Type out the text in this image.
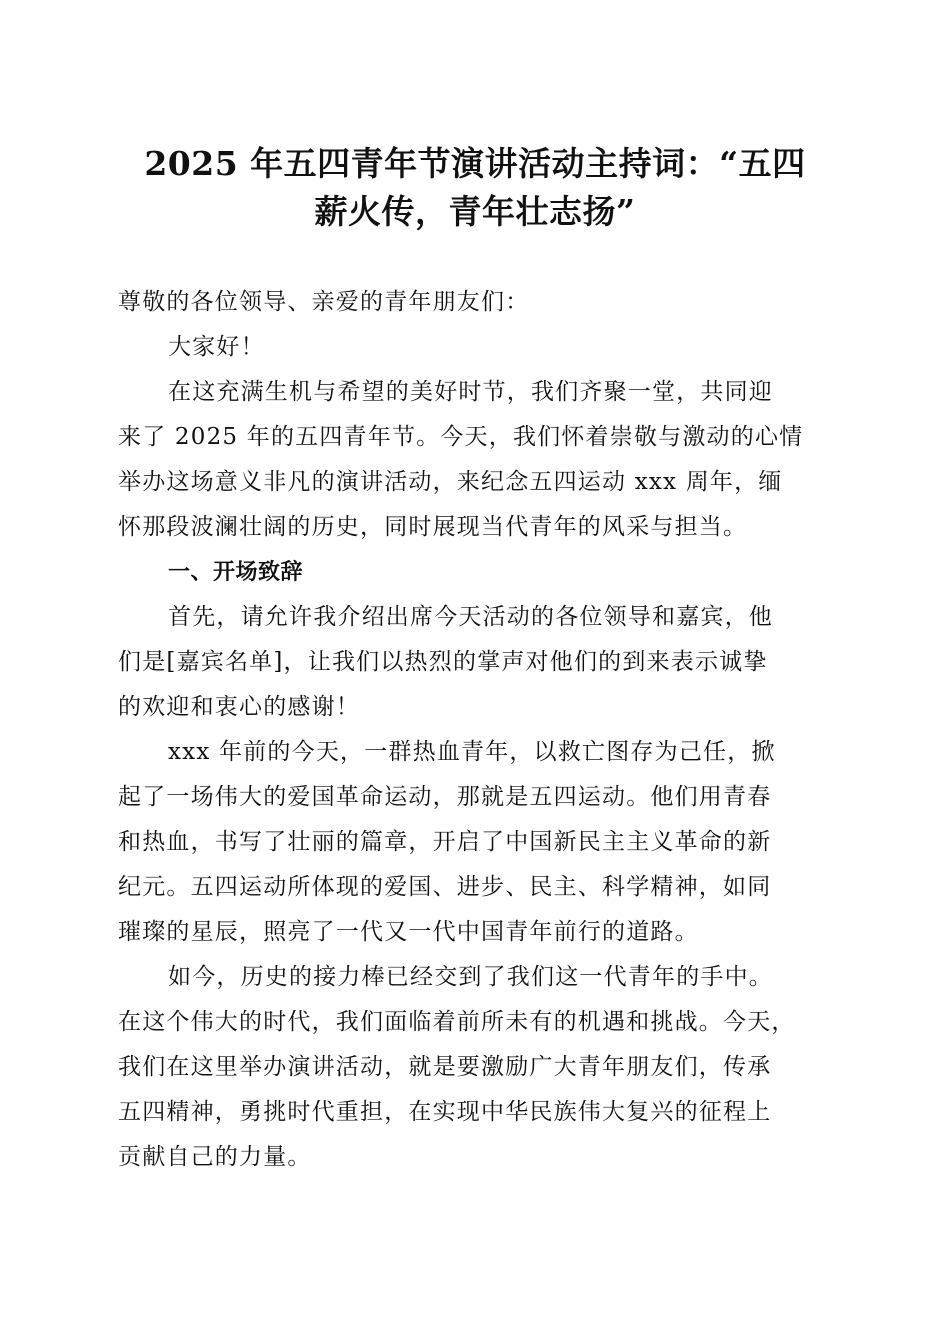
2025 年五四青年节演讲活动主持词：“五四
薪火传，青年壮志扬”

尊敬的各位领导、亲爱的青年朋友们：

大家好！

在这充满生机与希望的美好时节，我们齐聚一堂，共同迎
来了 2025 年的五四青年节。今天，我们怀着崇敬与激动的心情
举办这场意义非凡的演讲活动，来纪念五四运动 xxx 周年，缅
怀那段波澜壮阔的历史，同时展现当代青年的风采与担当。

一、开场致辞

首先，请允许我介绍出席今天活动的各位领导和嘉宾，他
们是[嘉宾名单]，让我们以热烈的掌声对他们的到来表示诚挚
的欢迎和衷心的感谢！

xxx 年前的今天，一群热血青年，以救亡图存为己任，掀
起了一场伟大的爱国革命运动，那就是五四运动。他们用青春
和热血，书写了壮丽的篇章，开启了中国新民主主义革命的新
纪元。五四运动所体现的爱国、进步、民主、科学精神，如同
璀璨的星辰，照亮了一代又一代中国青年前行的道路。

如今，历史的接力棒已经交到了我们这一代青年的手中。
在这个伟大的时代，我们面临着前所未有的机遇和挑战。今天，
我们在这里举办演讲活动，就是要激励广大青年朋友们，传承
五四精神，勇挑时代重担，在实现中华民族伟大复兴的征程上
贡献自己的力量。
